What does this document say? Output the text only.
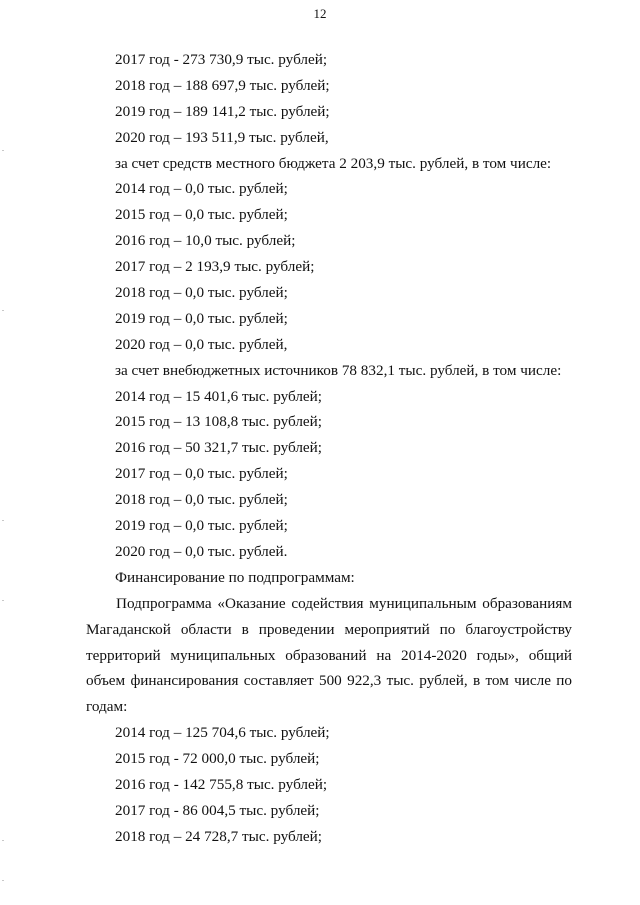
12
2017 год - 273 730,9 тыс. рублей;
2018 год – 188 697,9 тыс. рублей;
2019 год – 189 141,2 тыс. рублей;
2020 год – 193 511,9 тыс. рублей,
за счет средств местного бюджета 2 203,9 тыс. рублей, в том числе:
2014 год – 0,0 тыс. рублей;
2015 год – 0,0 тыс. рублей;
2016 год – 10,0 тыс. рублей;
2017 год – 2 193,9 тыс. рублей;
2018 год – 0,0 тыс. рублей;
2019 год – 0,0 тыс. рублей;
2020 год – 0,0 тыс. рублей,
за счет внебюджетных источников 78 832,1 тыс. рублей, в том числе:
2014 год – 15 401,6 тыс. рублей;
2015 год – 13 108,8 тыс. рублей;
2016 год – 50 321,7 тыс. рублей;
2017 год – 0,0 тыс. рублей;
2018 год – 0,0 тыс. рублей;
2019 год – 0,0 тыс. рублей;
2020 год – 0,0 тыс. рублей.
Финансирование по подпрограммам:

Подпрограмма «Оказание содействия муниципальным образованиям Магаданской области в проведении мероприятий по благоустройству территорий муниципальных образований на 2014-2020 годы», общий объем финансирования составляет 500 922,3 тыс. рублей, в том числе по годам:

2014 год – 125 704,6 тыс. рублей;
2015 год - 72 000,0 тыс. рублей;
2016 год - 142 755,8 тыс. рублей;
2017 год - 86 004,5 тыс. рублей;
2018 год – 24 728,7 тыс. рублей;
